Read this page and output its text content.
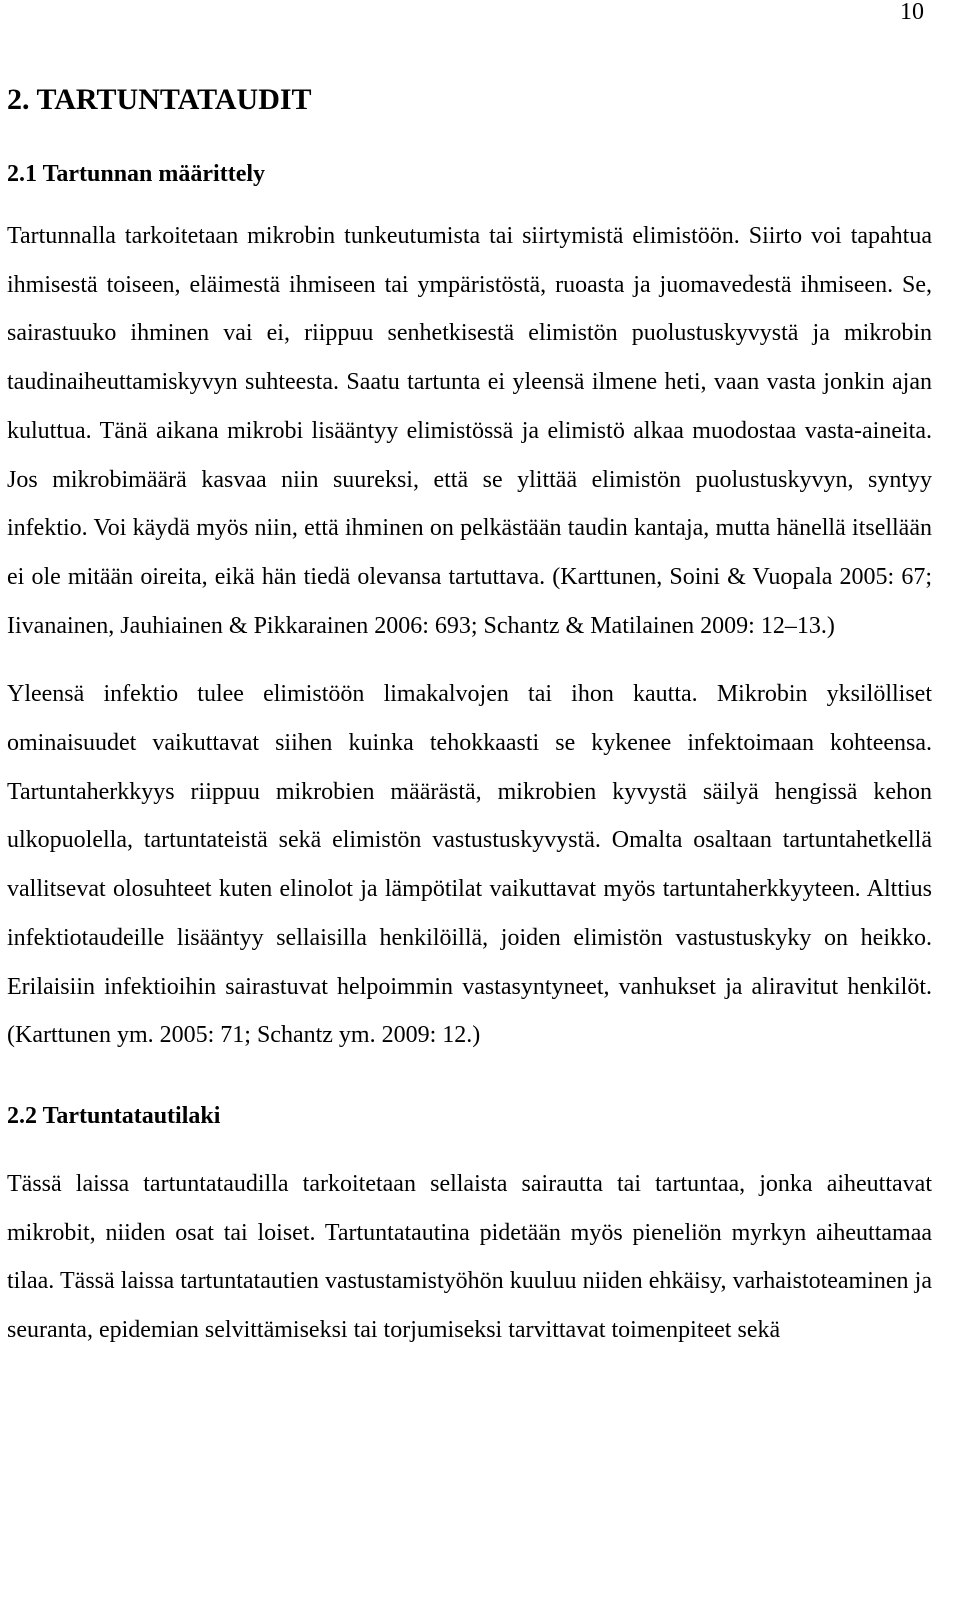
10
2. TARTUNTATAUDIT
2.1 Tartunnan määrittely

Tartunnalla tarkoitetaan mikrobin tunkeutumista tai siirtymistä elimistöön. Siirto voi tapahtua ihmisestä toiseen, eläimestä ihmiseen tai ympäristöstä, ruoasta ja juomavedestä ihmiseen. Se, sairastuuko ihminen vai ei, riippuu senhetkisestä elimistön puolustuskyvystä ja mikrobin taudinaiheuttamiskyvyn suhteesta. Saatu tartunta ei yleensä ilmene heti, vaan vasta jonkin ajan kuluttua. Tänä aikana mikrobi lisääntyy elimistössä ja elimistö alkaa muodostaa vasta-aineita. Jos mikrobimäärä kasvaa niin suureksi, että se ylittää elimistön puolustuskyvyn, syntyy infektio. Voi käydä myös niin, että ihminen on pelkästään taudin kantaja, mutta hänellä itsellään ei ole mitään oireita, eikä hän tiedä olevansa tartuttava. (Karttunen, Soini & Vuopala 2005: 67; Iivanainen, Jauhiainen & Pikkarainen 2006: 693; Schantz & Matilainen 2009: 12–13.)

Yleensä infektio tulee elimistöön limakalvojen tai ihon kautta. Mikrobin yksilölliset ominaisuudet vaikuttavat siihen kuinka tehokkaasti se kykenee infektoimaan kohteensa. Tartuntaherkkyys riippuu mikrobien määrästä, mikrobien kyvystä säilyä hengissä kehon ulkopuolella, tartuntateistä sekä elimistön vastustuskyvystä. Omalta osaltaan tartuntahetkellä vallitsevat olosuhteet kuten elinolot ja lämpötilat vaikuttavat myös tartuntaherkkyyteen. Alttius infektiotaudeille lisääntyy sellaisilla henkilöillä, joiden elimistön vastustuskyky on heikko. Erilaisiin infektioihin sairastuvat helpoimmin vastasyntyneet, vanhukset ja aliravitut henkilöt. (Karttunen ym. 2005: 71; Schantz ym. 2009: 12.)

2.2 Tartuntatautilaki

Tässä laissa tartuntataudilla tarkoitetaan sellaista sairautta tai tartuntaa, jonka aiheuttavat mikrobit, niiden osat tai loiset. Tartuntatautina pidetään myös pieneliön myrkyn aiheuttamaa tilaa. Tässä laissa tartuntatautien vastustamistyöhön kuuluu niiden ehkäisy, varhaistoteaminen ja seuranta, epidemian selvittämiseksi tai torjumiseksi tarvittavat toimenpiteet sekä
